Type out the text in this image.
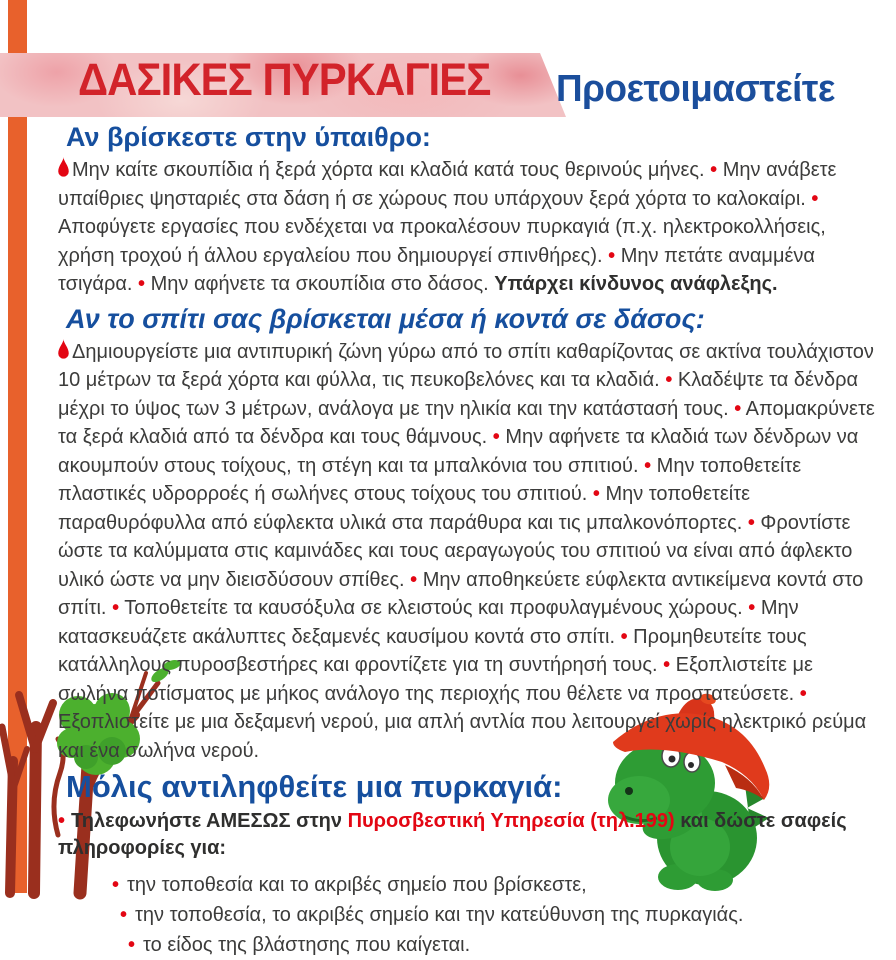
ΔΑΣΙΚΕΣ ΠΥΡΚΑΓΙΕΣ Προετοιμαστείτε
Αν βρίσκεστε στην ύπαιθρο:

Μην καίτε σκουπίδια ή ξερά χόρτα και κλαδιά κατά τους θερινούς μήνες. • Μην ανάβετε υπαίθριες ψησταριές στα δάση ή σε χώρους που υπάρχουν ξερά χόρτα το καλοκαίρι. • Αποφύγετε εργασίες που ενδέχεται να προκαλέσουν πυρκαγιά (π.χ. ηλεκτροκολλήσεις, χρήση τροχού ή άλλου εργαλείου που δημιουργεί σπινθήρες). • Μην πετάτε αναμμένα τσιγάρα. • Μην αφήνετε τα σκουπίδια στο δάσος. Υπάρχει κίνδυνος ανάφλεξης.

Αν το σπίτι σας βρίσκεται μέσα ή κοντά σε δάσος:

Δημιουργείστε μια αντιπυρική ζώνη γύρω από το σπίτι καθαρίζοντας σε ακτίνα τουλάχιστον 10 μέτρων τα ξερά χόρτα και φύλλα, τις πευκοβελόνες και τα κλαδιά. • Κλαδέψτε τα δένδρα μέχρι το ύψος των 3 μέτρων, ανάλογα με την ηλικία και την κατάστασή τους. • Απομακρύνετε τα ξερά κλαδιά από τα δένδρα και τους θάμνους. • Μην αφήνετε τα κλαδιά των δένδρων να ακουμπούν στους τοίχους, τη στέγη και τα μπαλκόνια του σπιτιού. • Μην τοποθετείτε πλαστικές υδρορροές ή σωλήνες στους τοίχους του σπιτιού. • Μην τοποθετείτε παραθυρόφυλλα από εύφλεκτα υλικά στα παράθυρα και τις μπαλκονόπορτες. • Φροντίστε ώστε τα καλύμματα στις καμινάδες και τους αεραγωγούς του σπιτιού να είναι από άφλεκτο υλικό ώστε να μην διεισδύσουν σπίθες. • Μην αποθηκεύετε εύφλεκτα αντικείμενα κοντά στο σπίτι. • Τοποθετείτε τα καυσόξυλα σε κλειστούς και προφυλαγμένους χώρους. • Μην κατασκευάζετε ακάλυπτες δεξαμενές καυσίμου κοντά στο σπίτι. • Προμηθευτείτε τους κατάλληλους πυροσβεστήρες και φροντίζετε για τη συντήρησή τους. • Εξοπλιστείτε με σωλήνα ποτίσματος με μήκος ανάλογο της περιοχής που θέλετε να προστατεύσετε. • Εξοπλιστείτε με μια δεξαμενή νερού, μια απλή αντλία που λειτουργεί χωρίς ηλεκτρικό ρεύμα και ένα σωλήνα νερού.

Μόλις αντιληφθείτε μια πυρκαγιά:

• Τηλεφωνήστε ΑΜΕΣΩΣ στην Πυροσβεστική Υπηρεσία (τηλ.199) και δώστε σαφείς πληροφορίες για:

• την τοποθεσία και το ακριβές σημείο που βρίσκεστε,
• την τοποθεσία, το ακριβές σημείο και την κατεύθυνση της πυρκαγιάς.
• το είδος της βλάστησης που καίγεται.
